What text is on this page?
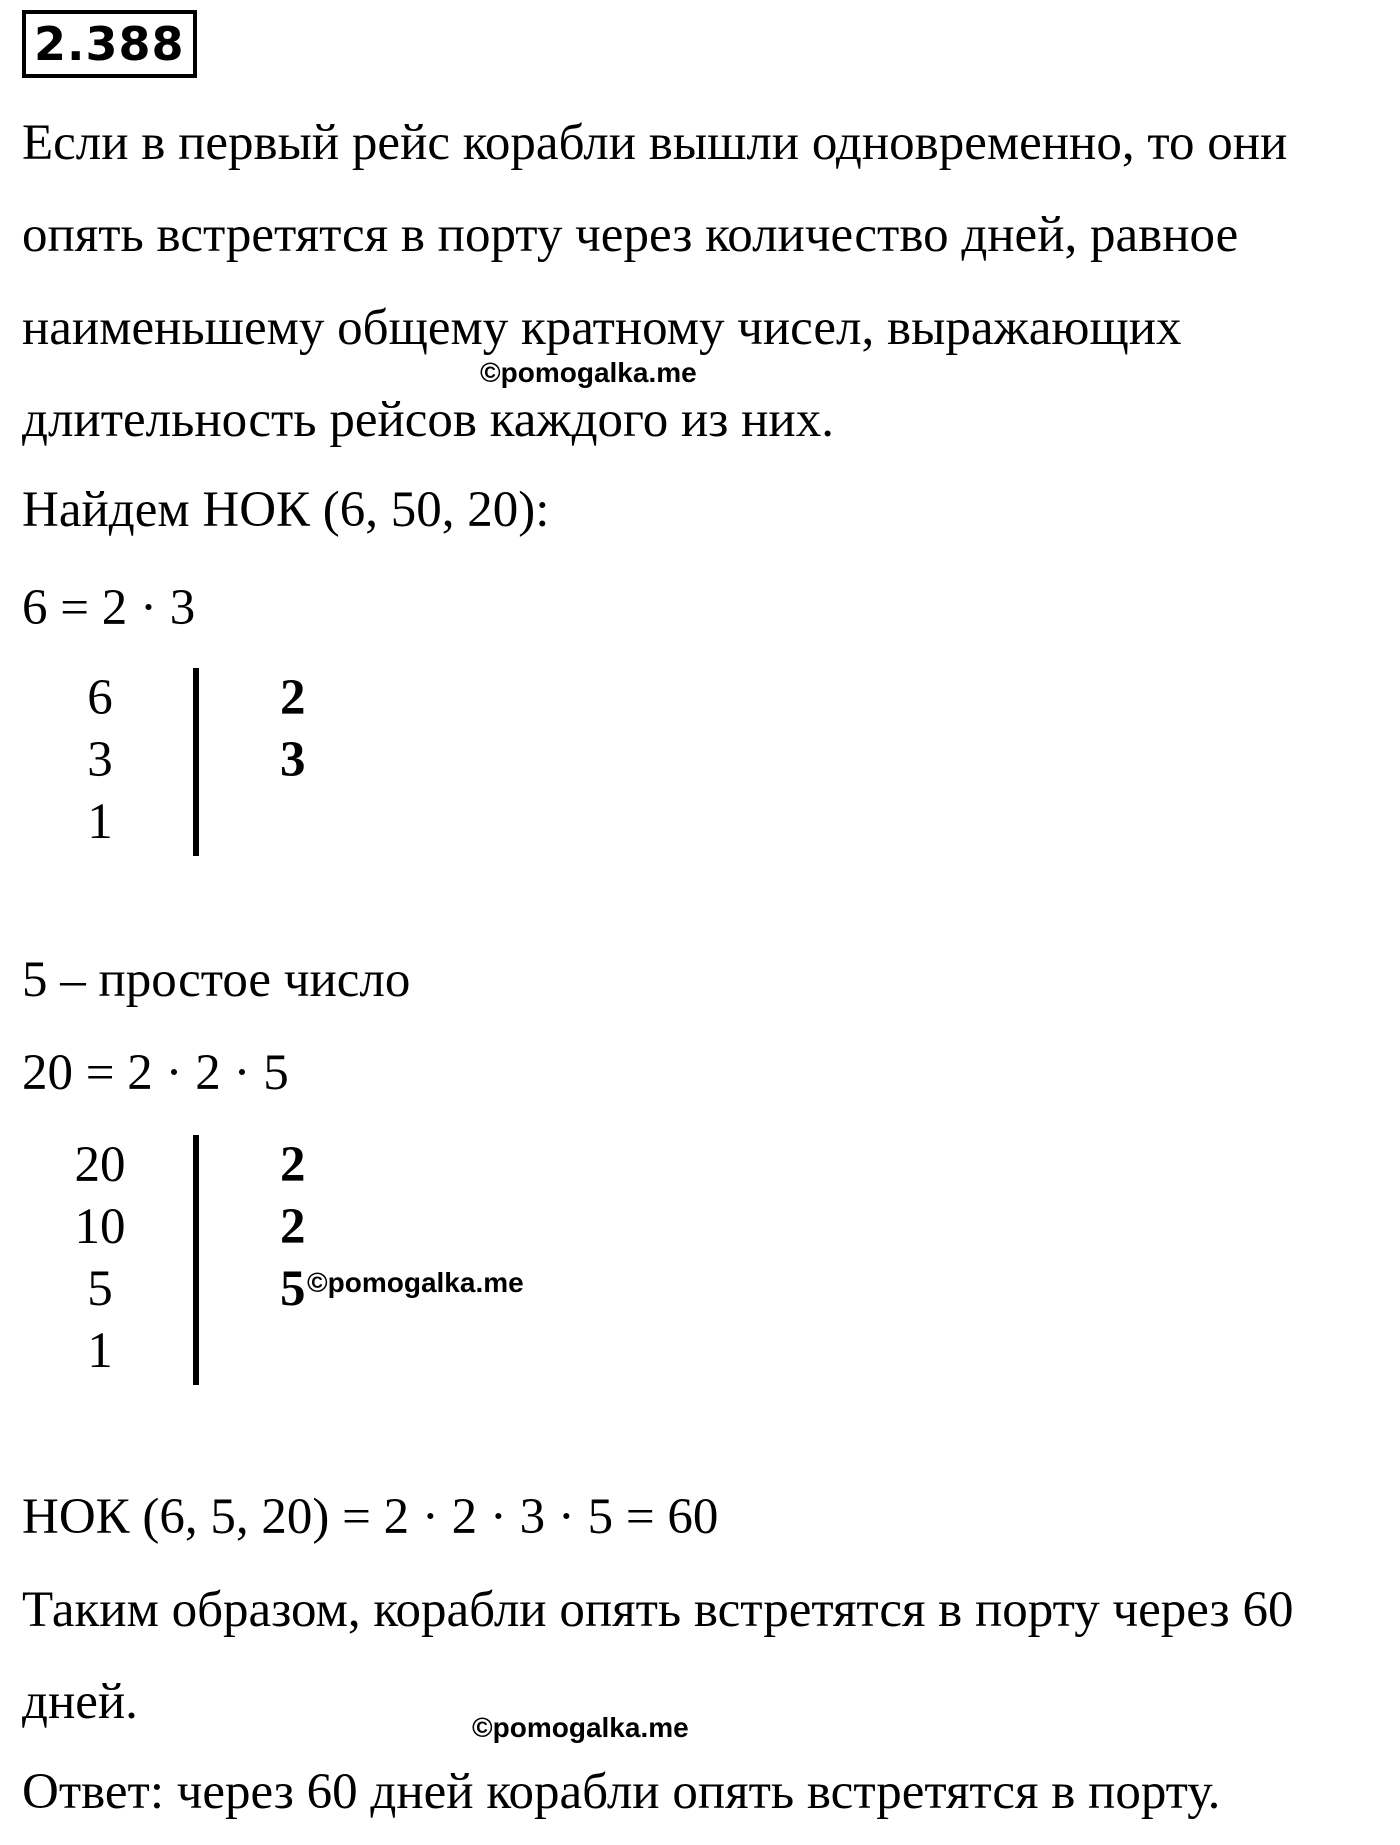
2.388
Если в первый рейс корабли вышли одновременно, то они
опять встретятся в порту через количество дней, равное
наименьшему общему кратному чисел, выражающих
©pomogalka.me
длительность рейсов каждого из них.
Найдем НОК (6, 50, 20):
6 = 2 · 3
6
3
1
2
3
5 – простое число
20 = 2 · 2 · 5
20
10
5
1
2
2
5 ©pomogalka.me
НОК (6, 5, 20) = 2 · 2 · 3 · 5 = 60
Таким образом, корабли опять встретятся в порту через 60
дней.	©pomogalka.me
Ответ: через 60 дней корабли опять встретятся в порту.
